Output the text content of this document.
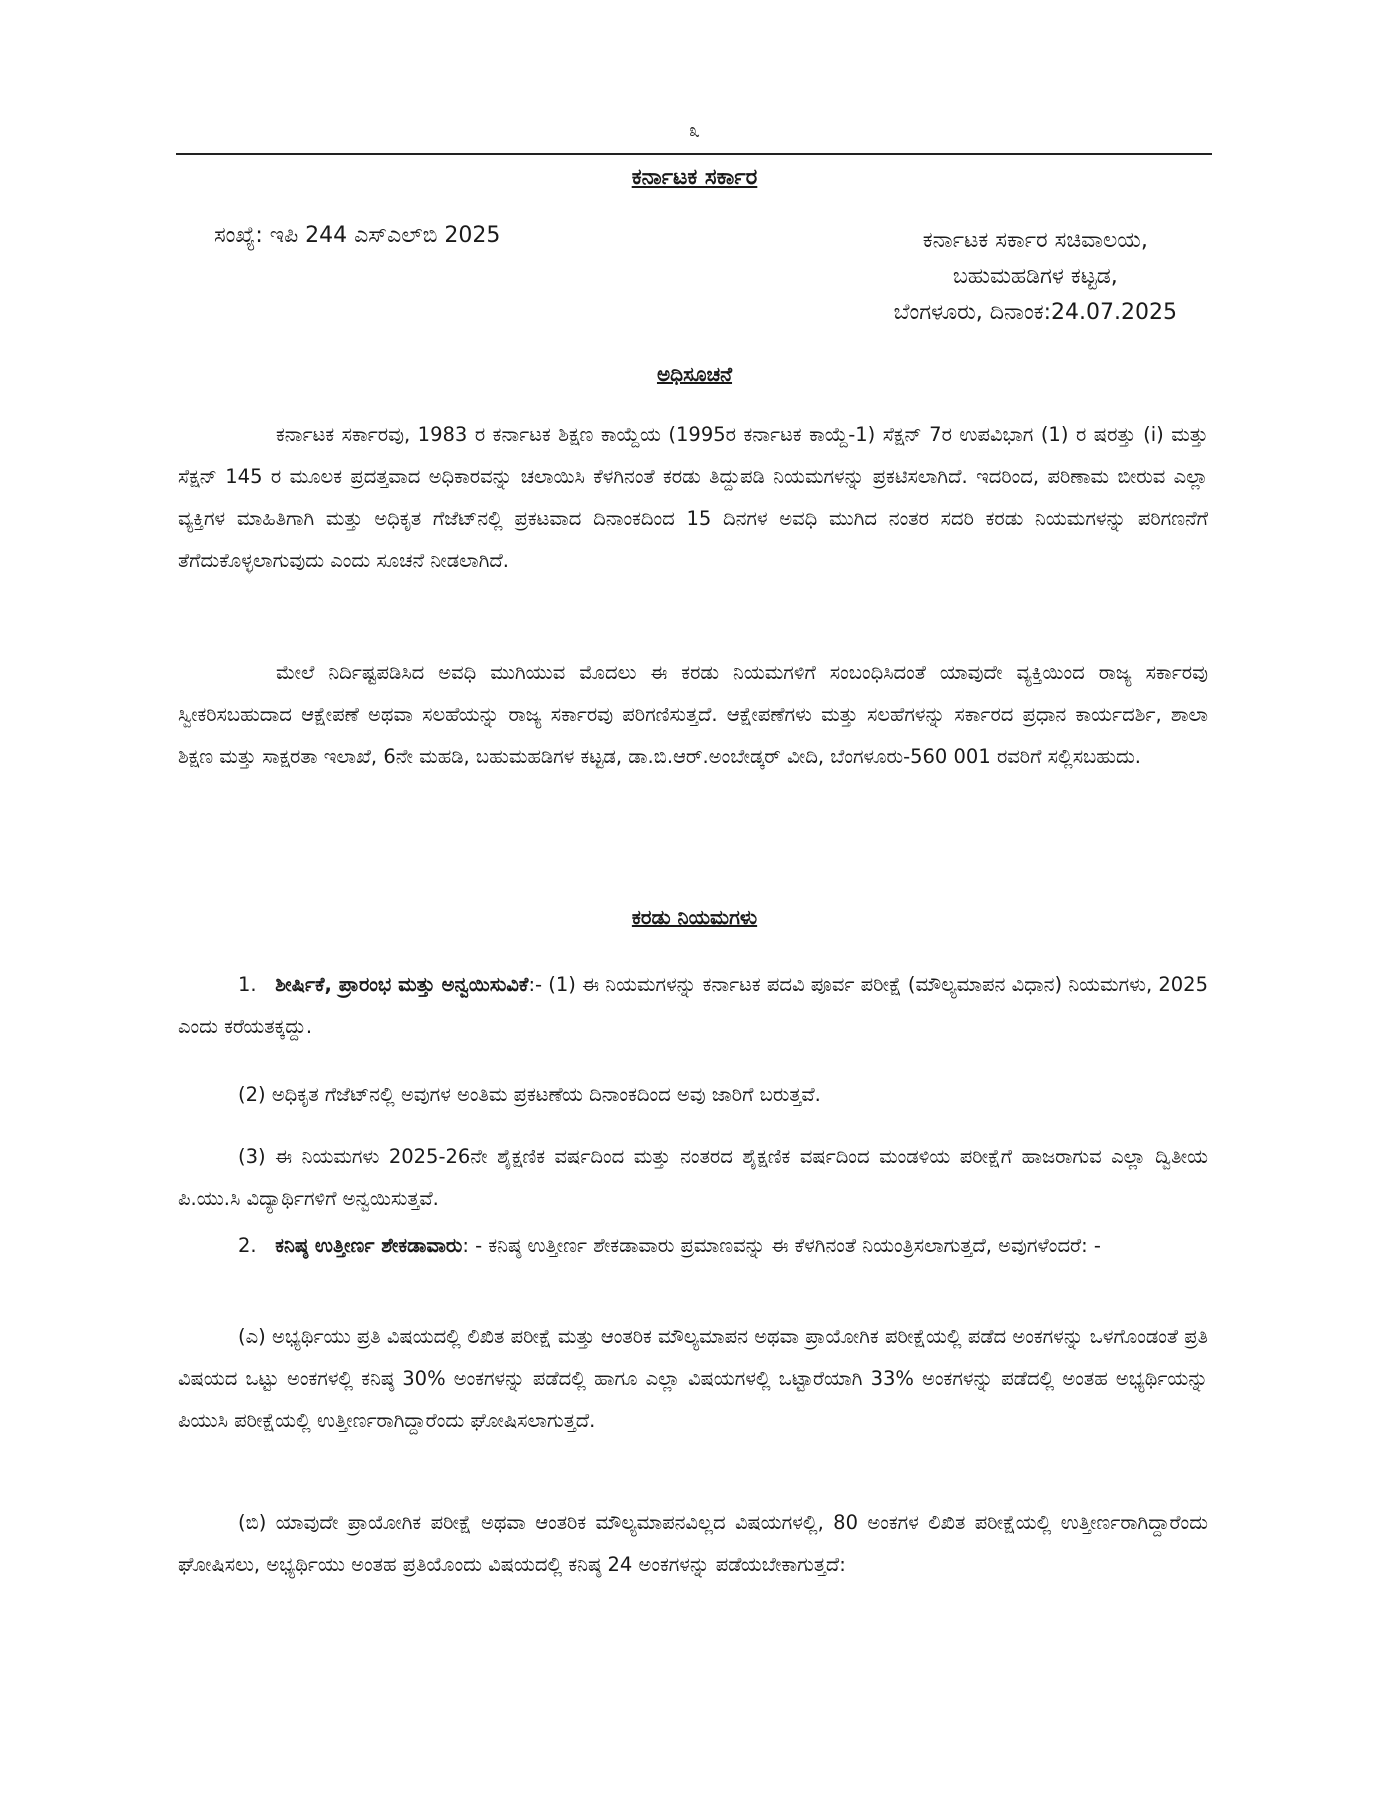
೩
ಕರ್ನಾಟಕ ಸರ್ಕಾರ
ಸಂಖ್ಯೆ: ಇಪಿ 244 ಎಸ್‌ಎಲ್‌ಬಿ 2025	ಕರ್ನಾಟಕ ಸರ್ಕಾರ ಸಚಿವಾಲಯ,
ಬಹುಮಹಡಿಗಳ ಕಟ್ಟಡ,
ಬೆಂಗಳೂರು, ದಿನಾಂಕ:24.07.2025
ಅಧಿಸೂಚನೆ

ಕರ್ನಾಟಕ ಸರ್ಕಾರವು, 1983 ರ ಕರ್ನಾಟಕ ಶಿಕ್ಷಣ ಕಾಯ್ದೆಯ (1995ರ ಕರ್ನಾಟಕ ಕಾಯ್ದೆ-1) ಸೆಕ್ಷನ್ 7ರ ಉಪವಿಭಾಗ (1) ರ ಷರತ್ತು (i) ಮತ್ತು ಸೆಕ್ಷನ್ 145 ರ ಮೂಲಕ ಪ್ರದತ್ತವಾದ ಅಧಿಕಾರವನ್ನು ಚಲಾಯಿಸಿ ಕೆಳಗಿನಂತೆ ಕರಡು ತಿದ್ದುಪಡಿ ನಿಯಮಗಳನ್ನು ಪ್ರಕಟಿಸಲಾಗಿದೆ. ಇದರಿಂದ, ಪರಿಣಾಮ ಬೀರುವ ಎಲ್ಲಾ ವ್ಯಕ್ತಿಗಳ ಮಾಹಿತಿಗಾಗಿ ಮತ್ತು ಅಧಿಕೃತ ಗೆಜೆಟ್‌ನಲ್ಲಿ ಪ್ರಕಟವಾದ ದಿನಾಂಕದಿಂದ 15 ದಿನಗಳ ಅವಧಿ ಮುಗಿದ ನಂತರ ಸದರಿ ಕರಡು ನಿಯಮಗಳನ್ನು ಪರಿಗಣನೆಗೆ ತೆಗೆದುಕೊಳ್ಳಲಾಗುವುದು ಎಂದು ಸೂಚನೆ ನೀಡಲಾಗಿದೆ.

ಮೇಲೆ ನಿರ್ದಿಷ್ಟಪಡಿಸಿದ ಅವಧಿ ಮುಗಿಯುವ ಮೊದಲು ಈ ಕರಡು ನಿಯಮಗಳಿಗೆ ಸಂಬಂಧಿಸಿದಂತೆ ಯಾವುದೇ ವ್ಯಕ್ತಿಯಿಂದ ರಾಜ್ಯ ಸರ್ಕಾರವು ಸ್ವೀಕರಿಸಬಹುದಾದ ಆಕ್ಷೇಪಣೆ ಅಥವಾ ಸಲಹೆಯನ್ನು ರಾಜ್ಯ ಸರ್ಕಾರವು ಪರಿಗಣಿಸುತ್ತದೆ. ಆಕ್ಷೇಪಣೆಗಳು ಮತ್ತು ಸಲಹೆಗಳನ್ನು ಸರ್ಕಾರದ ಪ್ರಧಾನ ಕಾರ್ಯದರ್ಶಿ, ಶಾಲಾ ಶಿಕ್ಷಣ ಮತ್ತು ಸಾಕ್ಷರತಾ ಇಲಾಖೆ, 6ನೇ ಮಹಡಿ, ಬಹುಮಹಡಿಗಳ ಕಟ್ಟಡ, ಡಾ.ಬಿ.ಆರ್.ಅಂಬೇಡ್ಕರ್ ವೀದಿ, ಬೆಂಗಳೂರು-560 001 ರವರಿಗೆ ಸಲ್ಲಿಸಬಹುದು.

ಕರಡು ನಿಯಮಗಳು

1. ಶೀರ್ಷಿಕೆ, ಪ್ರಾರಂಭ ಮತ್ತು ಅನ್ವಯಿಸುವಿಕೆ:- (1) ಈ ನಿಯಮಗಳನ್ನು ಕರ್ನಾಟಕ ಪದವಿ ಪೂರ್ವ ಪರೀಕ್ಷೆ (ಮೌಲ್ಯಮಾಪನ ವಿಧಾನ) ನಿಯಮಗಳು, 2025 ಎಂದು ಕರೆಯತಕ್ಕದ್ದು.

(2) ಅಧಿಕೃತ ಗೆಜೆಟ್‌ನಲ್ಲಿ ಅವುಗಳ ಅಂತಿಮ ಪ್ರಕಟಣೆಯ ದಿನಾಂಕದಿಂದ ಅವು ಜಾರಿಗೆ ಬರುತ್ತವೆ.

(3) ಈ ನಿಯಮಗಳು 2025-26ನೇ ಶೈಕ್ಷಣಿಕ ವರ್ಷದಿಂದ ಮತ್ತು ನಂತರದ ಶೈಕ್ಷಣಿಕ ವರ್ಷದಿಂದ ಮಂಡಳಿಯ ಪರೀಕ್ಷೆಗೆ ಹಾಜರಾಗುವ ಎಲ್ಲಾ ದ್ವಿತೀಯ ಪಿ.ಯು.ಸಿ ವಿದ್ಯಾರ್ಥಿಗಳಿಗೆ ಅನ್ವಯಿಸುತ್ತವೆ.

2. ಕನಿಷ್ಠ ಉತ್ತೀರ್ಣ ಶೇಕಡಾವಾರು: - ಕನಿಷ್ಠ ಉತ್ತೀರ್ಣ ಶೇಕಡಾವಾರು ಪ್ರಮಾಣವನ್ನು ಈ ಕೆಳಗಿನಂತೆ ನಿಯಂತ್ರಿಸಲಾಗುತ್ತದೆ, ಅವುಗಳೆಂದರೆ: -

(ಎ) ಅಭ್ಯರ್ಥಿಯು ಪ್ರತಿ ವಿಷಯದಲ್ಲಿ ಲಿಖಿತ ಪರೀಕ್ಷೆ ಮತ್ತು ಆಂತರಿಕ ಮೌಲ್ಯಮಾಪನ ಅಥವಾ ಪ್ರಾಯೋಗಿಕ ಪರೀಕ್ಷೆಯಲ್ಲಿ ಪಡೆದ ಅಂಕಗಳನ್ನು ಒಳಗೊಂಡಂತೆ ಪ್ರತಿ ವಿಷಯದ ಒಟ್ಟು ಅಂಕಗಳಲ್ಲಿ ಕನಿಷ್ಠ 30% ಅಂಕಗಳನ್ನು ಪಡೆದಲ್ಲಿ ಹಾಗೂ ಎಲ್ಲಾ ವಿಷಯಗಳಲ್ಲಿ ಒಟ್ಟಾರೆಯಾಗಿ 33% ಅಂಕಗಳನ್ನು ಪಡೆದಲ್ಲಿ ಅಂತಹ ಅಭ್ಯರ್ಥಿಯನ್ನು ಪಿಯುಸಿ ಪರೀಕ್ಷೆಯಲ್ಲಿ ಉತ್ತೀರ್ಣರಾಗಿದ್ದಾರೆಂದು ಘೋಷಿಸಲಾಗುತ್ತದೆ.

(ಬಿ) ಯಾವುದೇ ಪ್ರಾಯೋಗಿಕ ಪರೀಕ್ಷೆ ಅಥವಾ ಆಂತರಿಕ ಮೌಲ್ಯಮಾಪನವಿಲ್ಲದ ವಿಷಯಗಳಲ್ಲಿ, 80 ಅಂಕಗಳ ಲಿಖಿತ ಪರೀಕ್ಷೆಯಲ್ಲಿ ಉತ್ತೀರ್ಣರಾಗಿದ್ದಾರೆಂದು ಘೋಷಿಸಲು, ಅಭ್ಯರ್ಥಿಯು ಅಂತಹ ಪ್ರತಿಯೊಂದು ವಿಷಯದಲ್ಲಿ ಕನಿಷ್ಠ 24 ಅಂಕಗಳನ್ನು ಪಡೆಯಬೇಕಾಗುತ್ತದೆ:
